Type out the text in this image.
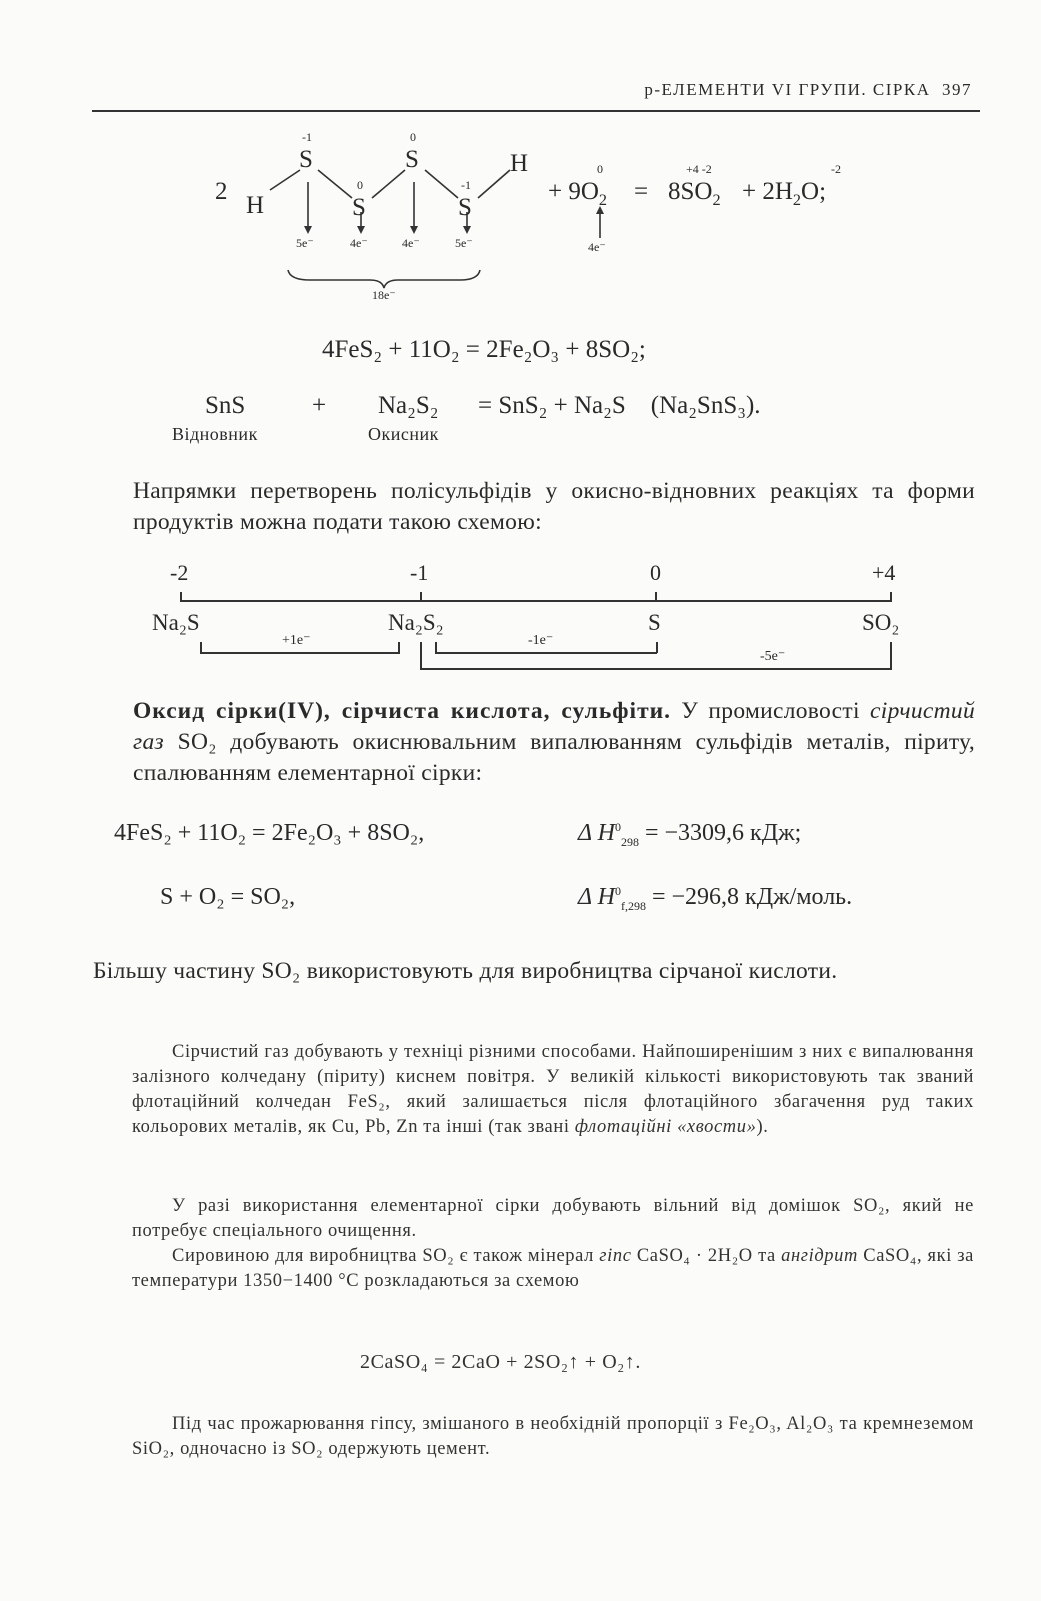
p-ЕЛЕМЕНТИ VI ГРУПИ. СІРКА 397
2
H
S
S
S
S
H
-1
0
0
-1
5e⁻	4e⁻	4e⁻	5e⁻
18e⁻
+ $9O_2$
0
4e⁻
= $8SO_2$
+4 -2
+ $2H_2O$;
-2
4FeS₂ + 11O₂ = 2Fe₂O₃ + 8SO₂;
SnS	+ Na₂S₂ = SnS₂ + Na₂S    (Na₂SnS₃).
Відновник	Окисник
Напрямки перетворень полісульфідів у окисно-відновних реакціях та форми продуктів можна подати такою схемою:
-2	-1	0	+4
Na₂S	Na₂S₂	S	SO₂
+1e⁻	-1e⁻
-5e⁻
Оксид сірки(IV), сірчиста кислота, сульфіти. У промисловості сірчистий газ SO₂ добувають окиснювальним випалюванням сульфідів металів, піриту, спалюванням елементарної сірки:
4FeS₂ + 11O₂ = 2Fe₂O₃ + 8SO₂,	Δ $H^0_{298} = -3309,6$ кДж;
S + O₂ = SO₂,	Δ $H^0_{f,298} = -296,8$ кДж/моль.
Більшу частину SO₂ використовують для виробництва сірчаної кислоти.
Сірчистий газ добувають у техніці різними способами. Найпоширенішим з них є випалювання залізного колчедану (піриту) киснем повітря. У великій кількості використовують так званий флотаційний колчедан FeS₂, який залишається після флотаційного збагачення руд таких кольорових металів, як Cu, Pb, Zn та інші (так звані флотаційні «хвости»).
У разі використання елементарної сірки добувають вільний від домішок SO₂, який не потребує спеціального очищення.
Сировиною для виробництва SO₂ є також мінерал гіпс CaSO₄ · 2H₂O та ангідрит CaSO₄, які за температури 1350−1400 °C розкладаються за схемою
2CaSO₄ = 2CaO + 2SO₂↑ + O₂↑.
Під час прожарювання гіпсу, змішаного в необхідній пропорції з Fe₂O₃, Al₂O₃ та кремнеземом SiO₂, одночасно із SO₂ одержують цемент.
